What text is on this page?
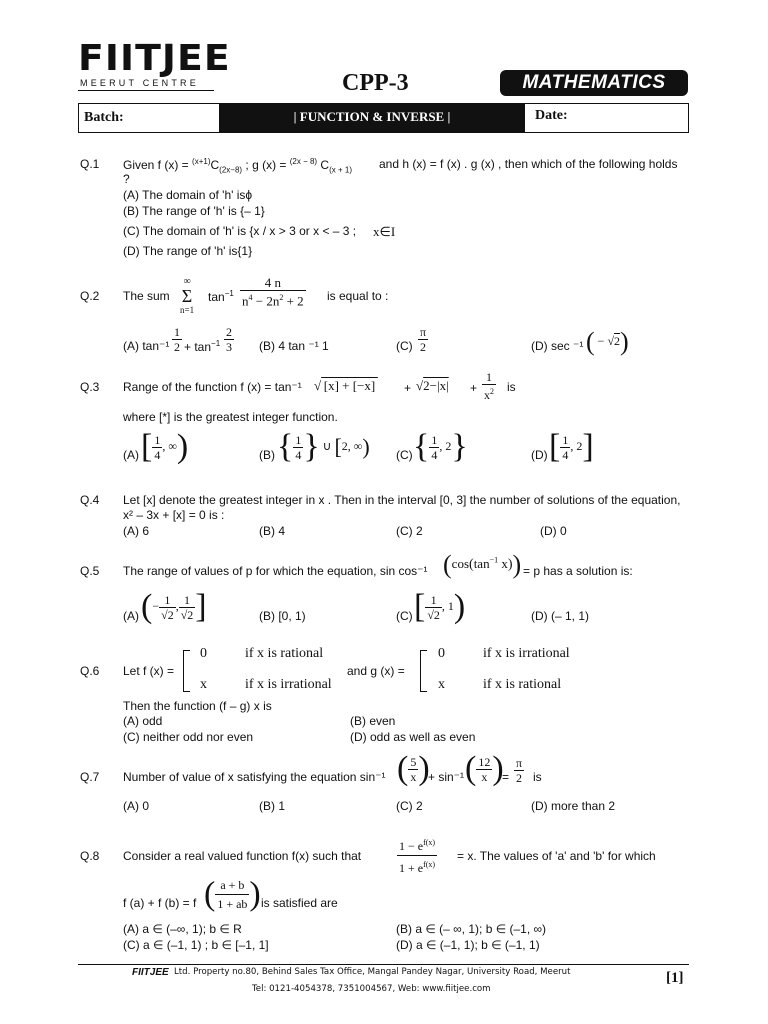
FIITJEE
MEERUT CENTRE	CPP-3	MATHEMATICS
Batch:	| FUNCTION & INVERSE |	Date:
Q.1 Given f $(x) = ^{(x+1)}C_{(2x-8)}$ ; g (x) = $^{(2x - 8)}$ $C_{(x + 1)}$ and h (x) = f (x) . g (x) , then which of the following holds
?
(A) The domain of 'h' isϕ
(B) The range of 'h' is {– 1}
(C) The domain of 'h' is {x / x > 3 or x < – 3 ; x∈I
(D) The range of 'h' is{1}
Q.2 The sum
∞
Σ
n=1
$\tan^{-1} \frac{4 n}{n^4 - 2n^2 + 2}$ is equal to :
(A) $\tan^{-1} \frac{1}{2} + \tan^{-1} \frac{2}{3} (B)$ 4 tan ⁻¹ 1	$(C) \frac{\pi}{2}$	(D) sec ⁻¹ ( − √2)
Q.3 Range of the function f (x) = tan⁻¹ √ $[x] + [-x] + √2-|x| + \frac{1}{x^2}$ is
where [*] is the greatest integer function.
(A) [ $\frac{1}{4}$ , ∞)	(B) { $\frac{1}{4}$ } ∪ [2, ∞) (C) { $\frac{1}{4}$ , 2}	(D) [ $\frac{1}{4}$ , 2]
Q.4 Let [x] denote the greatest integer in x . Then in the interval [0, 3] the number of solutions of the equation,
x² – 3x + [x] = 0 is :
(A) 6	(B) 4	(C) 2	(D) 0
Q.5 The range of values of p for which the equation, sin cos⁻¹ ($\cos(\tan^{-1}$ x)) = p has a solution is:
(A) (− $\frac{1}{√2}$ , $\frac{1}{√2}$ ]	(B) [0, 1)	(C) [ $\frac{1}{√2}$ , 1)	(D) (– 1, 1)
Q.6 Let f (x) =
0	if x is rational
x	if x is irrational
and g (x) =
0	if x is irrational
x	if x is rational
Then the function (f – g) x is
(A) odd	(B) even
(C) neither odd nor even	(D) odd as well as even
Q.7 Number of value of x satisfying the equation sin⁻¹ ( $\frac{5}{x}$ )
+ sin⁻¹ ( $\frac{12}{x}$ )
= $\frac{\pi}{2}$ is
(A) 0	(B) 1	(C) 2	(D) more than 2
Q.8 Consider a real valued function f(x) such that	$\frac{1 - e^{f(x)}}{1 + e^{f(x)}} = x$. The values of 'a' and 'b' for which
f (a) + f (b) = f ( $\frac{a + b}{1 + ab}$ ) is satisfied are
(A) a ∈ (–∞, 1); b ∈ R	(B) a ∈ (– ∞, 1); b ∈ (–1, ∞)
(C) a ∈ (–1, 1) ; b ∈ [–1, 1]	(D) a ∈ (–1, 1); b ∈ (–1, 1)
FIITJEE Ltd. Property no.80, Behind Sales Tax Office, Mangal Pandey Nagar, University Road, Meerut
Tel: 0121-4054378, 7351004567, Web: www.fiitjee.com
[1]
